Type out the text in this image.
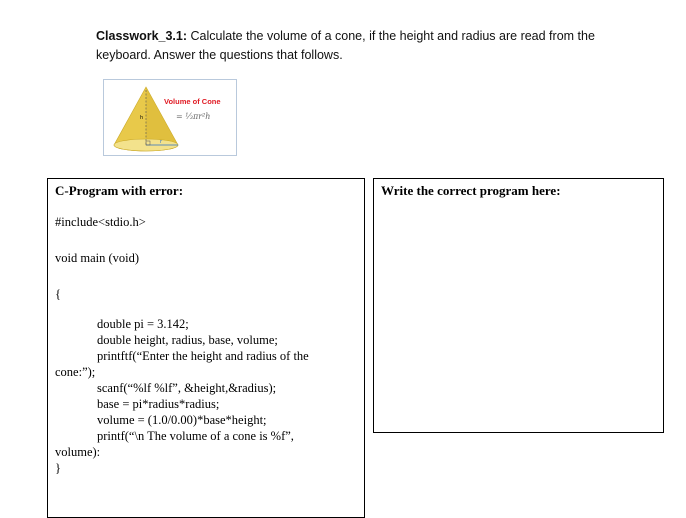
Classwork_3.1: Calculate the volume of a cone, if the height and radius are read from the keyboard. Answer the questions that follows.
h
r
Volume of Cone
= ⅓πr²h
C-Program with error:
#include<stdio.h>
void main (void)
{
double pi = 3.142;
double height, radius, base, volume;
printftf(“Enter the height and radius of the
cone:”);
scanf(“%lf %lf”, &height,&radius);
base = pi*radius*radius;
volume = (1.0/0.00)*base*height;
printf(“\n The volume of a cone is %f”,
volume):
}
Write the correct program here:
